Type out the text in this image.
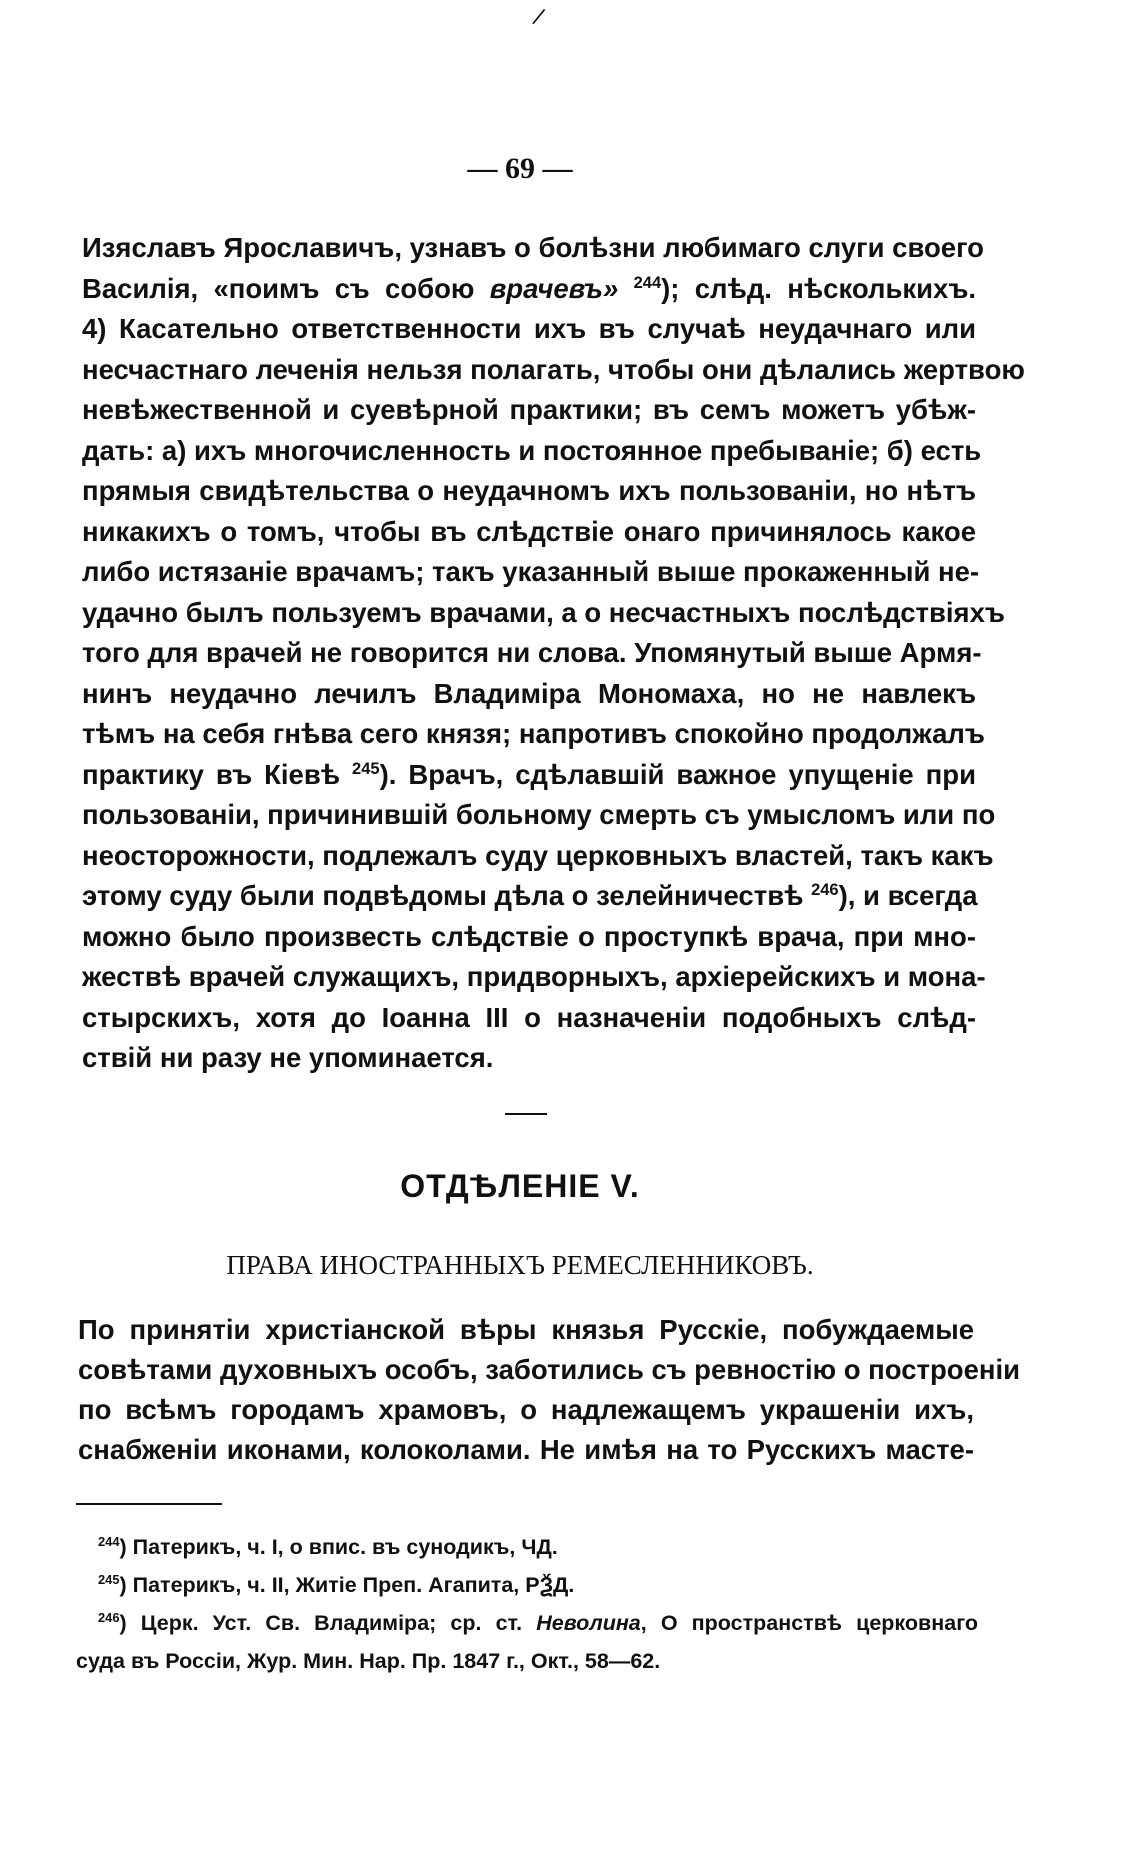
/
— 69 —
Изяславъ Ярославичъ, узнавъ о болѣзни любимаго слуги своего
Василія, «поимъ съ собою врачевъ» $^{244}$); слѣд. нѣсколькихъ.
4) Касательно ответственности ихъ въ случаѣ неудачнаго или
несчастнаго леченія нельзя полагать, чтобы они дѣлались жертвою
невѣжественной и суевѣрной практики; въ семъ можетъ убѣж-
дать: а) ихъ многочисленность и постоянное пребываніе; б) есть
прямыя свидѣтельства о неудачномъ ихъ пользованіи, но нѣтъ
никакихъ о томъ, чтобы въ слѣдствіе онаго причинялось какое
либо истязаніе врачамъ; такъ указанный выше прокаженный не-
удачно былъ пользуемъ врачами, а о несчастныхъ послѣдствіяхъ
того для врачей не говорится ни слова. Упомянутый выше Армя-
нинъ неудачно лечилъ Владиміра Мономаха, но не навлекъ
тѣмъ на себя гнѣва сего князя; напротивъ спокойно продолжалъ
практику въ Кіевѣ $^{245}$). Врачъ, сдѣлавшій важное упущеніе при
пользованіи, причинившій больному смерть съ умысломъ или по
неосторожности, подлежалъ суду церковныхъ властей, такъ какъ
этому суду были подвѣдомы дѣла о зелейничествѣ $^{246}$), и всегда
можно было произвесть слѣдствіе о проступкѣ врача, при мно-
жествѣ врачей служащихъ, придворныхъ, архіерейскихъ и мона-
стырскихъ, хотя до Іоанна III о назначеніи подобныхъ слѣд-
ствій ни разу не упоминается.
ОТДѢЛЕНІЕ V.
ПРАВА ИНОСТРАННЫХЪ РЕМЕСЛЕННИКОВЪ.
По принятіи христіанской вѣры князья Русскіе, побуждаемые
совѣтами духовныхъ особъ, заботились съ ревностію о построеніи
по всѣмъ городамъ храмовъ, о надлежащемъ украшеніи ихъ,
снабженіи иконами, колоколами. Не имѣя на то Русскихъ масте-
$^{244}$) Патерикъ, ч. I, о впис. въ сунодикъ, ЧД.
$^{245}$) Патерикъ, ч. II, Житіе Преп. Агапита, РѮД.
$^{246}$) Церк. Уст. Св. Владиміра; ср. ст. Неволина, О пространствѣ церковнаго
суда въ Россіи, Жур. Мин. Нар. Пр. 1847 г., Окт., 58—62.
